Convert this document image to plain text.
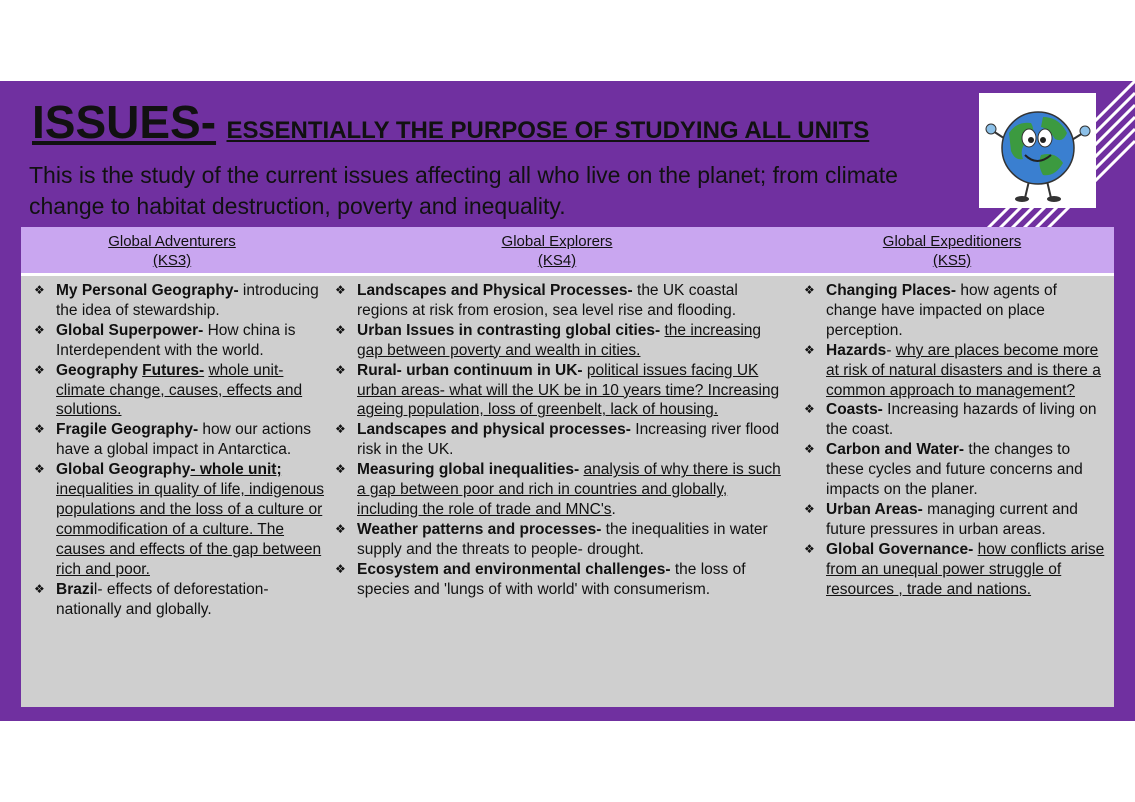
ISSUES- ESSENTIALLY THE PURPOSE OF STUDYING ALL UNITS
This is the study of the current issues affecting all who live on the planet; from climate change to habitat destruction, poverty and inequality.
Global Adventurers
(KS3)
Global Explorers
(KS4)
Global Expeditioners
(KS5)
❖ My Personal Geography- introducing the idea of stewardship.
❖ Global Superpower- How china is Interdependent with the world.
❖ Geography Futures- whole unit- climate change, causes, effects and solutions.
❖ Fragile Geography- how our actions have a global impact in Antarctica.
❖ Global Geography- whole unit; inequalities in quality of life, indigenous populations and the loss of a culture or commodification of a culture. The causes and effects of the gap between rich and poor.
❖ Brazil- effects of deforestation- nationally and globally.
❖ Landscapes and Physical Processes- the UK coastal regions at risk from erosion, sea level rise and flooding.
❖ Urban Issues in contrasting global cities- the increasing gap between poverty and wealth in cities.
❖ Rural- urban continuum in UK- political issues facing UK urban areas- what will the UK be in 10 years time? Increasing ageing population, loss of greenbelt, lack of housing.
❖ Landscapes and physical processes- Increasing river flood risk in the UK.
❖ Measuring global inequalities- analysis of why there is such a gap between poor and rich in countries and globally, including the role of trade and MNC's.
❖ Weather patterns and processes- the inequalities in water supply and the threats to people- drought.
❖ Ecosystem and environmental challenges- the loss of species and 'lungs of with world' with consumerism.
❖ Changing Places- how agents of change have impacted on place perception.
❖ Hazards- why are places become more at risk of natural disasters and is there a common approach to management?
❖ Coasts- Increasing hazards of living on the coast.
❖ Carbon and Water- the changes to these cycles and future concerns and impacts on the planer.
❖ Urban Areas- managing current and future pressures in urban areas.
❖ Global Governance- how conflicts arise from an unequal power struggle of resources , trade and nations.
